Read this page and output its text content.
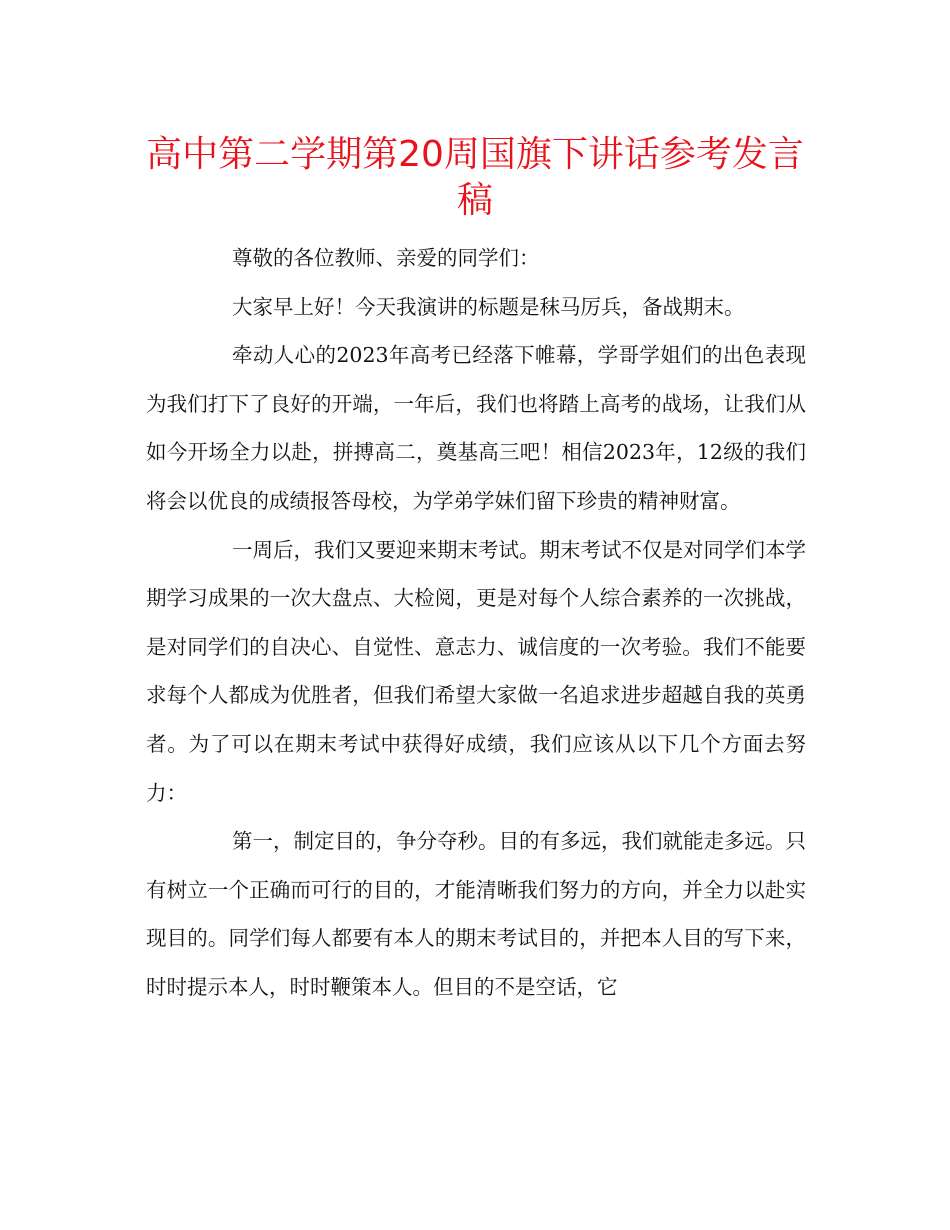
高中第二学期第20周国旗下讲话参考发言稿

尊敬的各位教师、亲爱的同学们：

大家早上好！今天我演讲的标题是秣马厉兵，备战期末。

牵动人心的2023年高考已经落下帷幕，学哥学姐们的出色表现为我们打下了良好的开端，一年后，我们也将踏上高考的战场，让我们从如今开场全力以赴，拼搏高二，奠基高三吧！相信2023年，12级的我们将会以优良的成绩报答母校，为学弟学妹们留下珍贵的精神财富。

一周后，我们又要迎来期末考试。期末考试不仅是对同学们本学期学习成果的一次大盘点、大检阅，更是对每个人综合素养的一次挑战，是对同学们的自决心、自觉性、意志力、诚信度的一次考验。我们不能要求每个人都成为优胜者，但我们希望大家做一名追求进步超越自我的英勇者。为了可以在期末考试中获得好成绩，我们应该从以下几个方面去努力：

第一，制定目的，争分夺秒。目的有多远，我们就能走多远。只有树立一个正确而可行的目的，才能清晰我们努力的方向，并全力以赴实现目的。同学们每人都要有本人的期末考试目的，并把本人目的写下来，时时提示本人，时时鞭策本人。但目的不是空话，它
